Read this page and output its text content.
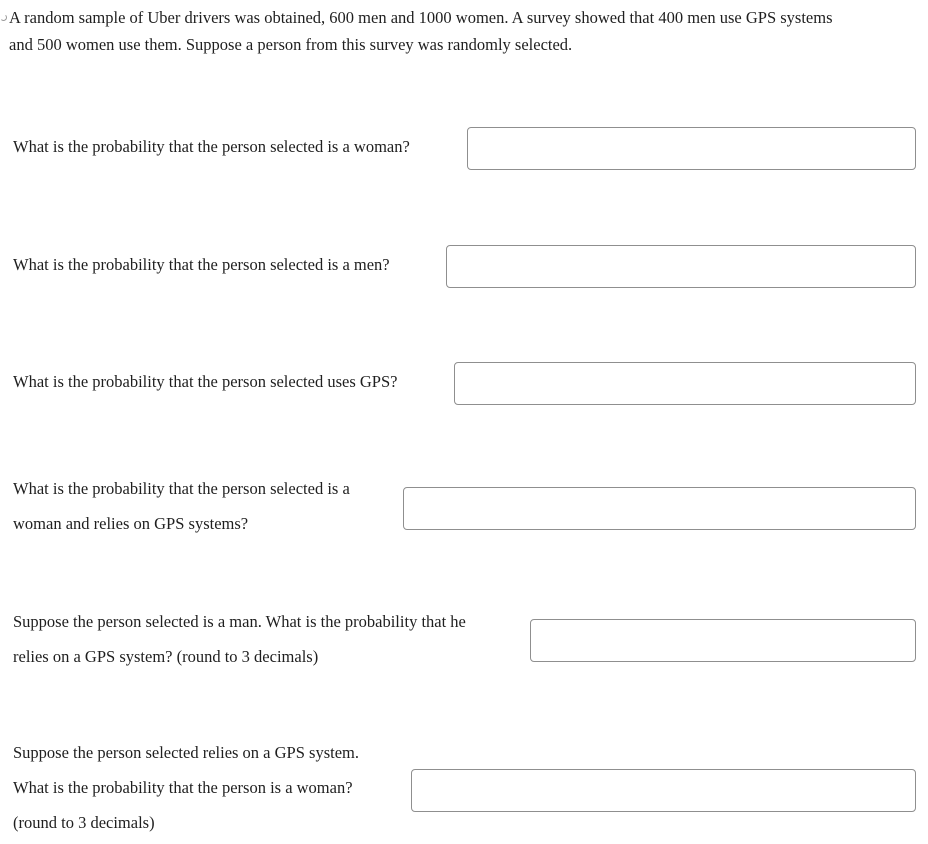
A random sample of Uber drivers was obtained, 600 men and 1000 women. A survey showed that 400 men use GPS systems
and 500 women use them. Suppose a person from this survey was randomly selected.

What is the probability that the person selected is a woman?

What is the probability that the person selected is a men?

What is the probability that the person selected uses GPS?

What is the probability that the person selected is a
woman and relies on GPS systems?

Suppose the person selected is a man. What is the probability that he
relies on a GPS system? (round to 3 decimals)

Suppose the person selected relies on a GPS system.
What is the probability that the person is a woman?
(round to 3 decimals)
